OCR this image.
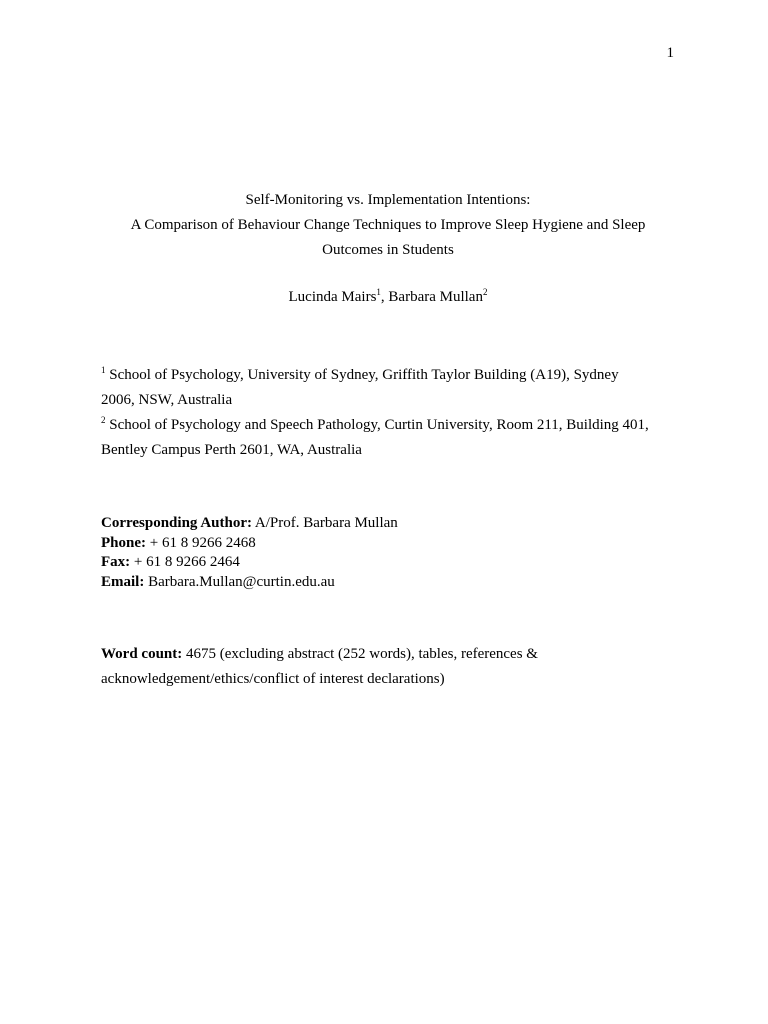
1
Self-Monitoring vs. Implementation Intentions:
A Comparison of Behaviour Change Techniques to Improve Sleep Hygiene and Sleep
Outcomes in Students
Lucinda Mairs$^1$, Barbara Mullan$^2$
$^1$ School of Psychology, University of Sydney, Griffith Taylor Building (A19), Sydney
2006, NSW, Australia
$^2$ School of Psychology and Speech Pathology, Curtin University, Room 211, Building 401,
Bentley Campus Perth 2601, WA, Australia
Corresponding Author: A/Prof. Barbara Mullan
Phone: + 61 8 9266 2468
Fax: + 61 8 9266 2464
Email: Barbara.Mullan@curtin.edu.au
Word count: 4675 (excluding abstract (252 words), tables, references &
acknowledgement/ethics/conflict of interest declarations)
